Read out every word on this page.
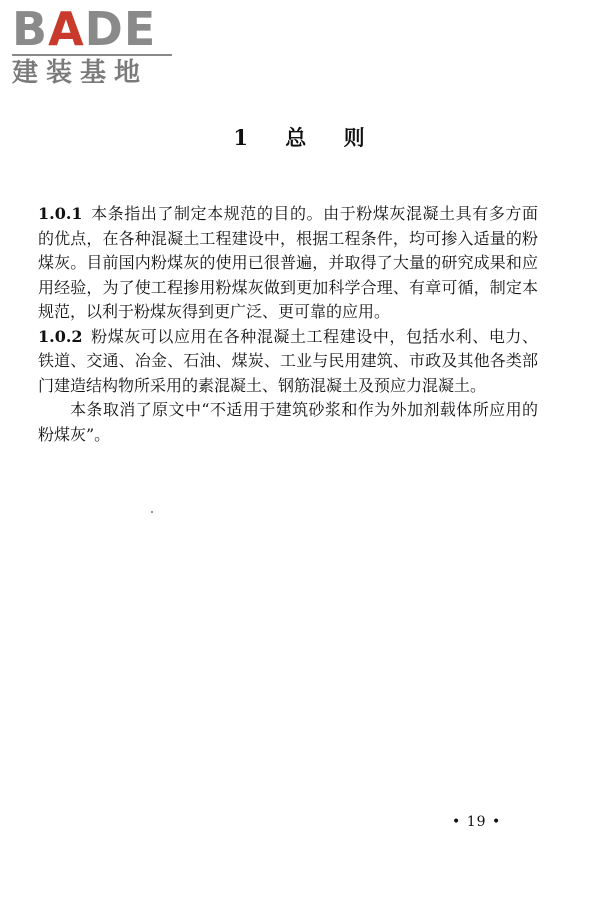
BADE
建装基地
1 总 则

1.0.1 本条指出了制定本规范的目的。由于粉煤灰混凝土具有多方面的优点，在各种混凝土工程建设中，根据工程条件，均可掺入适量的粉煤灰。目前国内粉煤灰的使用已很普遍，并取得了大量的研究成果和应用经验，为了使工程掺用粉煤灰做到更加科学合理、有章可循，制定本规范，以利于粉煤灰得到更广泛、更可靠的应用。

1.0.2 粉煤灰可以应用在各种混凝土工程建设中，包括水利、电力、铁道、交通、冶金、石油、煤炭、工业与民用建筑、市政及其他各类部门建造结构物所采用的素混凝土、钢筋混凝土及预应力混凝土。

本条取消了原文中“不适用于建筑砂浆和作为外加剂载体所应用的粉煤灰”。

• 19 •
